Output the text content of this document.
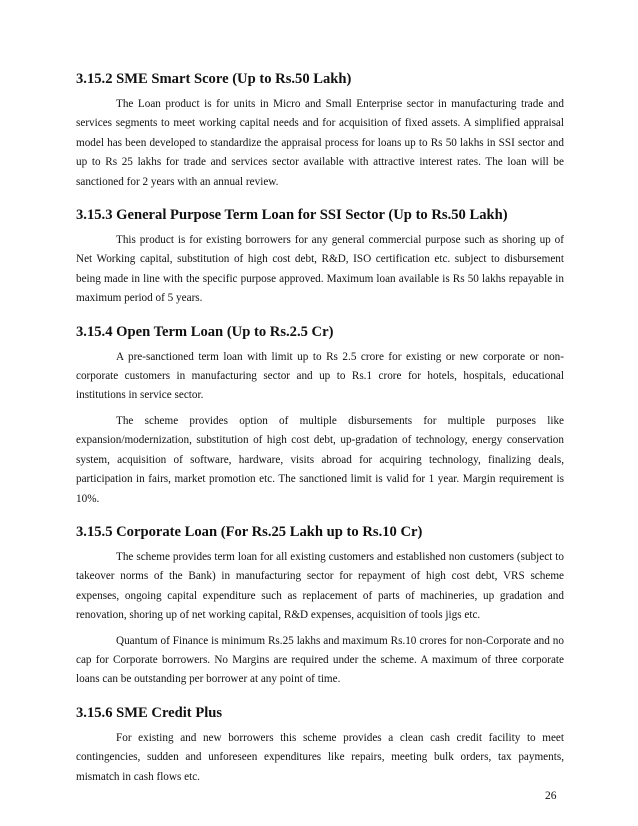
3.15.2 SME Smart Score (Up to Rs.50 Lakh)

The Loan product is for units in Micro and Small Enterprise sector in manufacturing trade and services segments to meet working capital needs and for acquisition of fixed assets. A simplified appraisal model has been developed to standardize the appraisal process for loans up to Rs 50 lakhs in SSI sector and up to Rs 25 lakhs for trade and services sector available with attractive interest rates. The loan will be sanctioned for 2 years with an annual review.

3.15.3 General Purpose Term Loan for SSI Sector (Up to Rs.50 Lakh)

This product is for existing borrowers for any general commercial purpose such as shoring up of Net Working capital, substitution of high cost debt, R&D, ISO certification etc. subject to disbursement being made in line with the specific purpose approved. Maximum loan available is Rs 50 lakhs repayable in maximum period of 5 years.

3.15.4 Open Term Loan (Up to Rs.2.5 Cr)

A pre-sanctioned term loan with limit up to Rs 2.5 crore for existing or new corporate or non-corporate customers in manufacturing sector and up to Rs.1 crore for hotels, hospitals, educational institutions in service sector.

The scheme provides option of multiple disbursements for multiple purposes like expansion/modernization, substitution of high cost debt, up-gradation of technology, energy conservation system, acquisition of software, hardware, visits abroad for acquiring technology, finalizing deals, participation in fairs, market promotion etc. The sanctioned limit is valid for 1 year. Margin requirement is 10%.

3.15.5 Corporate Loan (For Rs.25 Lakh up to Rs.10 Cr)

The scheme provides term loan for all existing customers and established non customers (subject to takeover norms of the Bank) in manufacturing sector for repayment of high cost debt, VRS scheme expenses, ongoing capital expenditure such as replacement of parts of machineries, up gradation and renovation, shoring up of net working capital, R&D expenses, acquisition of tools jigs etc.

Quantum of Finance is minimum Rs.25 lakhs and maximum Rs.10 crores for non-Corporate and no cap for Corporate borrowers. No Margins are required under the scheme. A maximum of three corporate loans can be outstanding per borrower at any point of time.

3.15.6 SME Credit Plus

For existing and new borrowers this scheme provides a clean cash credit facility to meet contingencies, sudden and unforeseen expenditures like repairs, meeting bulk orders, tax payments, mismatch in cash flows etc.

26
